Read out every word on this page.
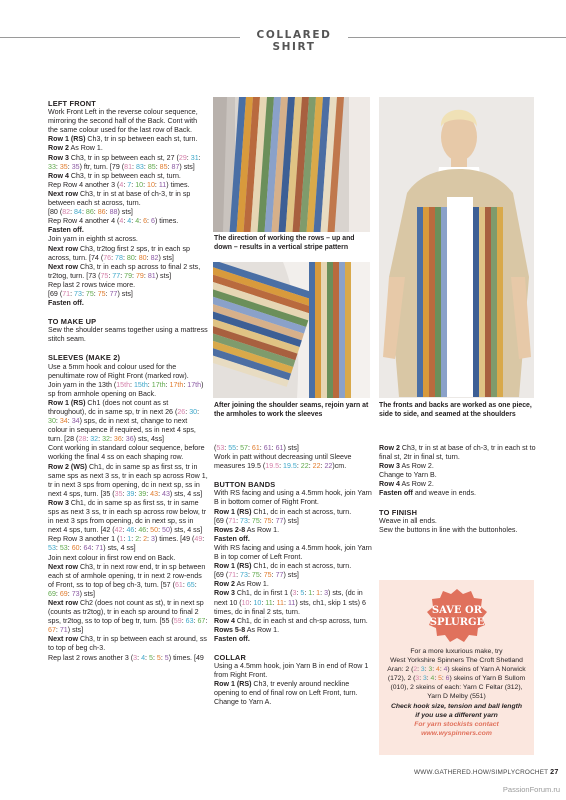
COLLARED SHIRT

LEFT FRONT

Work Front Left in the reverse colour sequence, mirroring the second half of the Back. Cont with the same colour used for the last row of Back.

Row 1 (RS) Ch3, tr in sp between each st, turn.

Row 2 As Row 1.

Row 3 Ch3, tr in sp between each st, 27 (29: 31: 33: 35: 35) ftr, turn. [79 (81: 83: 85: 85: 87) sts]

Row 4 Ch3, tr in sp between each st, turn.

Rep Row 4 another 3 (4: 7: 10: 10: 11) times.

Next row Ch3, tr in st at base of ch-3, tr in sp between each st across, turn.

[80 (82: 84: 86: 86: 88) sts]

Rep Row 4 another 4 (4: 4: 4: 6: 6) times.

Fasten off.

Join yarn in eighth st across.

Next row Ch3, tr2tog first 2 sps, tr in each sp across, turn. [74 (76: 78: 80: 80: 82) sts]

Next row Ch3, tr in each sp across to final 2 sts, tr2tog, turn. [73 (75: 77: 79: 79: 81) sts]

Rep last 2 rows twice more.

[69 (71: 73: 75: 75: 77) sts]

Fasten off.

TO MAKE UP

Sew the shoulder seams together using a mattress stitch seam.

SLEEVES (MAKE 2)

Use a 5mm hook and colour used for the penultimate row of Right Front (marked row).

Join yarn in the 13th (15th: 15th: 17th: 17th: 17th) sp from armhole opening on Back.

Row 1 (RS) Ch1 (does not count as st throughout), dc in same sp, tr in next 26 (26: 30: 30: 34: 34) sps, dc in next st, change to next colour in sequence if required, ss in next 4 sps, turn. [28 (28: 32: 32: 36: 36) sts, 4ss]

Cont working in standard colour sequence, before working the final 4 ss on each shaping row.

Row 2 (WS) Ch1, dc in same sp as first ss, tr in same sps as next 3 ss, tr in each sp across Row 1, tr in next 3 sps from opening, dc in next sp, ss in next 4 sps, turn. [35 (35: 39: 39: 43: 43) sts, 4 ss]

Row 3 Ch1, dc in same sp as first ss, tr in same sps as next 3 ss, tr in each sp across row below, tr in next 3 sps from opening, dc in next sp, ss in next 4 sps, turn. [42 (42: 46: 46: 50: 50) sts, 4 ss]

Rep Row 3 another 1 (1: 1: 2: 2: 3) times. [49 (49: 53: 53: 60: 64: 71) sts, 4 ss]

Join next colour in first row end on Back.

Next row Ch3, tr in next row end, tr in sp between each st of armhole opening, tr in next 2 row-ends of Front, ss to top of beg ch-3, turn. [57 (61: 65: 69: 69: 73) sts]

Next row Ch2 (does not count as st), tr in next sp (counts as tr2tog), tr in each sp around to final 2 sps, tr2tog, ss to top of beg tr, turn. [55 (59: 63: 67: 67: 71) sts]

Next row Ch3, tr in sp between each st around, ss to top of beg ch-3.

Rep last 2 rows another 3 (3: 4: 5: 5: 5) times. [49

The direction of working the rows – up and down – results in a vertical stripe pattern
After joining the shoulder seams, rejoin yarn at the armholes to work the sleeves
The fronts and backs are worked as one piece, side to side, and seamed at the shoulders

(53: 55: 57: 61: 61: 61) sts]

Work in patt without decreasing until Sleeve measures 19.5 (19.5: 19.5: 22: 22: 22)cm.

BUTTON BANDS

With RS facing and using a 4.5mm hook, join Yarn B in bottom corner of Right Front.

Row 1 (RS) Ch1, dc in each st across, turn.

[69 (71: 73: 75: 75: 77) sts]

Rows 2-8 As Row 1.

Fasten off.

With RS facing and using a 4.5mm hook, join Yarn B in top corner of Left Front.

Row 1 (RS) Ch1, dc in each st across, turn.

[69 (71: 73: 75: 75: 77) sts]

Row 2 As Row 1.

Row 3 Ch1, dc in first 1 (3: 5: 1: 1: 3) sts, (dc in next 10 (10: 10: 11: 11: 11) sts, ch1, skip 1 sts) 6 times, dc in final 2 sts, turn.

Row 4 Ch1, dc in each st and ch-sp across, turn.

Rows 5-8 As Row 1.

Fasten off.

COLLAR

Using a 4.5mm hook, join Yarn B in end of Row 1 from Right Front.

Row 1 (RS) Ch3, tr evenly around neckline opening to end of final row on Left Front, turn. Change to Yarn A.

Row 2 Ch3, tr in st at base of ch-3, tr in each st to final st, 2tr in final st, turn.

Row 3 As Row 2.

Change to Yarn B.

Row 4 As Row 2.

Fasten off and weave in ends.

TO FINISH

Weave in all ends.

Sew the buttons in line with the buttonholes.

SAVE OR
SPLURGE

For a more luxurious make, try

West Yorkshire Spinners The Croft Shetland

Aran: 2 (2: 3: 3: 4: 4) skeins of Yarn A Norwick

(172), 2 (3: 3: 4: 5: 6) skeins of Yarn B Sullom

(010), 2 skeins of each: Yarn C Feltar (312),

Yarn D Melby (551)

Check hook size, tension and ball length

if you use a different yarn

For yarn stockists contact

www.wyspinners.com

WWW.GATHERED.HOW/SIMPLYCROCHET 27
PassionForum.ru
